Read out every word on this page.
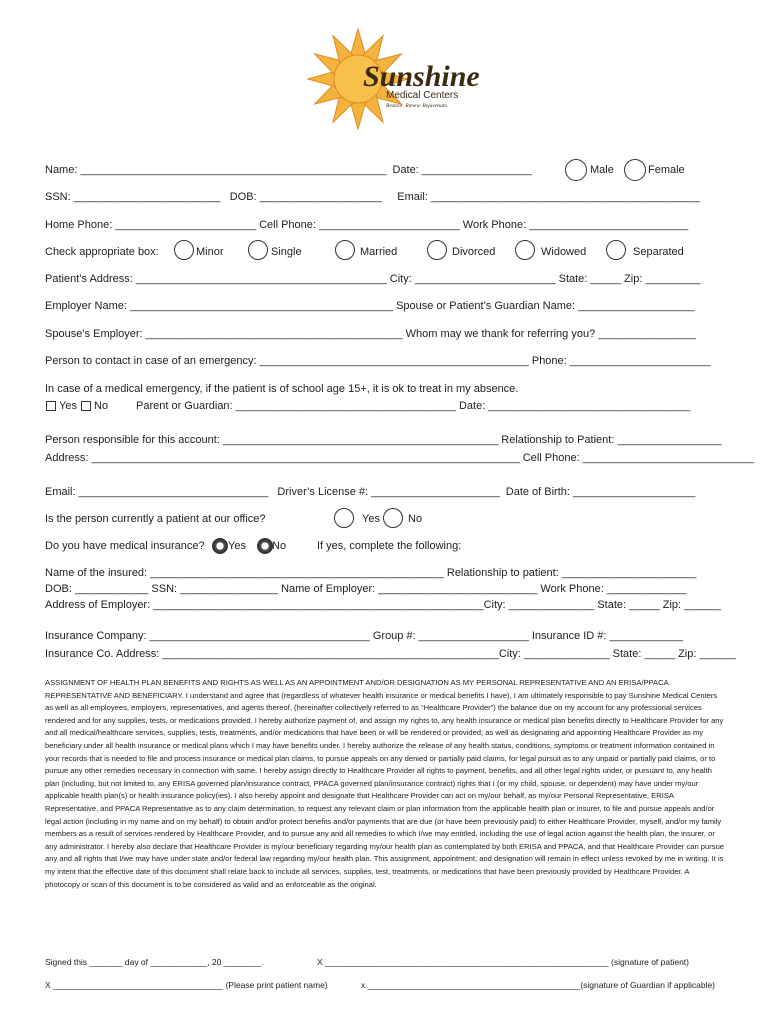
Sunshine
Medical Centers
Restore. Renew. Rejuvenate.
Name: __________________________________________________  Date: __________________	Male	Female
SSN: ________________________   DOB: ____________________     Email: ____________________________________________
Home Phone: _______________________ Cell Phone: _______________________ Work Phone: __________________________
Check appropriate box:	Minor	Single	Married	Divorced	Widowed	Separated
Patient’s Address: _________________________________________ City: _______________________ State: _____ Zip: _________
Employer Name: ___________________________________________ Spouse or Patient’s Guardian Name: ___________________
Spouse’s Employer: __________________________________________ Whom may we thank for referring you? ________________
Person to contact in case of an emergency: ____________________________________________ Phone: _______________________
In case of a medical emergency, if the patient is of school age 15+, it is ok to treat in my absence.
Yes No	Parent or Guardian: ____________________________________ Date: _________________________________
Person responsible for this account: _____________________________________________ Relationship to Patient: _________________
Address: ______________________________________________________________________ Cell Phone: ____________________________
Email: _______________________________   Driver’s License #: _____________________  Date of Birth: ____________________
Is the person currently a patient at our office?	Yes	No
Do you have medical insurance? Yes No	If yes, complete the following:
Name of the insured: ________________________________________________ Relationship to patient: ______________________
DOB: ____________ SSN: ________________ Name of Employer: __________________________ Work Phone: _____________
Address of Employer: ______________________________________________________City: ______________ State: _____ Zip: ______
Insurance Company: ____________________________________ Group #: __________________ Insurance ID #: ____________
Insurance Co. Address: _______________________________________________________City: ______________ State: _____ Zip: ______
ASSIGNMENT OF HEALTH PLAN BENEFITS AND RIGHTS AS WELL AS AN APPOINTMENT AND/OR DESIGNATION AS MY PERSONAL REPRESENTATIVE AND AN ERISA/PPACA REPRESENTATIVE AND BENEFICIARY. I understand and agree that (regardless of whatever health insurance or medical benefits I have), I am ultimately responsible to pay Sunshine Medical Centers as well as all employees, employers, representatives, and agents thereof, (hereinafter collectively referred to as “Healthcare Provider”) the balance due on my account for any professional services rendered and for any supplies, tests, or medications provided. I hereby authorize payment of, and assign my rights to, any health insurance or medical plan benefits directly to Healthcare Provider for any and all medical/healthcare services, supplies, tests, treatments, and/or medications that have been or will be rendered or provided; as well as designating and appointing Healthcare Provider as my beneficiary under all health insurance or medical plans which I may have benefits under. I hereby authorize the release of any health status, conditions, symptoms or treatment information contained in your records that is needed to file and process insurance or medical plan claims, to pursue appeals on any denied or partially paid claims, for legal pursuit as to any unpaid or partially paid claims, or to pursue any other remedies necessary in connection with same. I hereby assign directly to Healthcare Provider all rights to payment, benefits, and all other legal rights under, or pursuant to, any health plan (including, but not limited to, any ERISA governed plan/insurance contract, PPACA governed plan/insurance contract) rights that I (or my child, spouse, or dependent) may have under my/our applicable health plan(s) or health insurance policy(ies). I also hereby appoint and designate that Healthcare Provider can act on my/our behalf, as my/our Personal Representative, ERISA Representative, and PPACA Representative as to any claim determination, to request any relevant claim or plan information from the applicable health plan or insurer, to file and pursue appeals and/or legal action (including in my name and on my behalf) to obtain and/or protect benefits and/or payments that are due (or have been previously paid) to either Healthcare Provider, myself, and/or my family members as a result of services rendered by Healthcare Provider, and to pursue any and all remedies to which I/we may entitled, including the use of legal action against the health plan, the insurer, or any administrator. I hereby also declare that Healthcare Provider is my/our beneficiary regarding my/our health plan as contemplated by both ERISA and PPACA, and that Healthcare Provider can pursue any and all rights that I/we may have under state and/or federal law regarding my/our health plan. This assignment, appointment, and designation will remain in effect unless revoked by me in writing. It is my intent that the effective date of this document shall relate back to include all services, supplies, test, treatments, or medications that have been previously provided by Healthcare Provider. A photocopy or scan of this document is to be considered as valid and as enforceable as the original.
Signed this _______ day of ____________, 20 ________.	X ____________________________________________________________ (signature of patient)
X ____________________________________ (Please print patient name)	x _____________________________________________(signature of Guardian if applicable)
